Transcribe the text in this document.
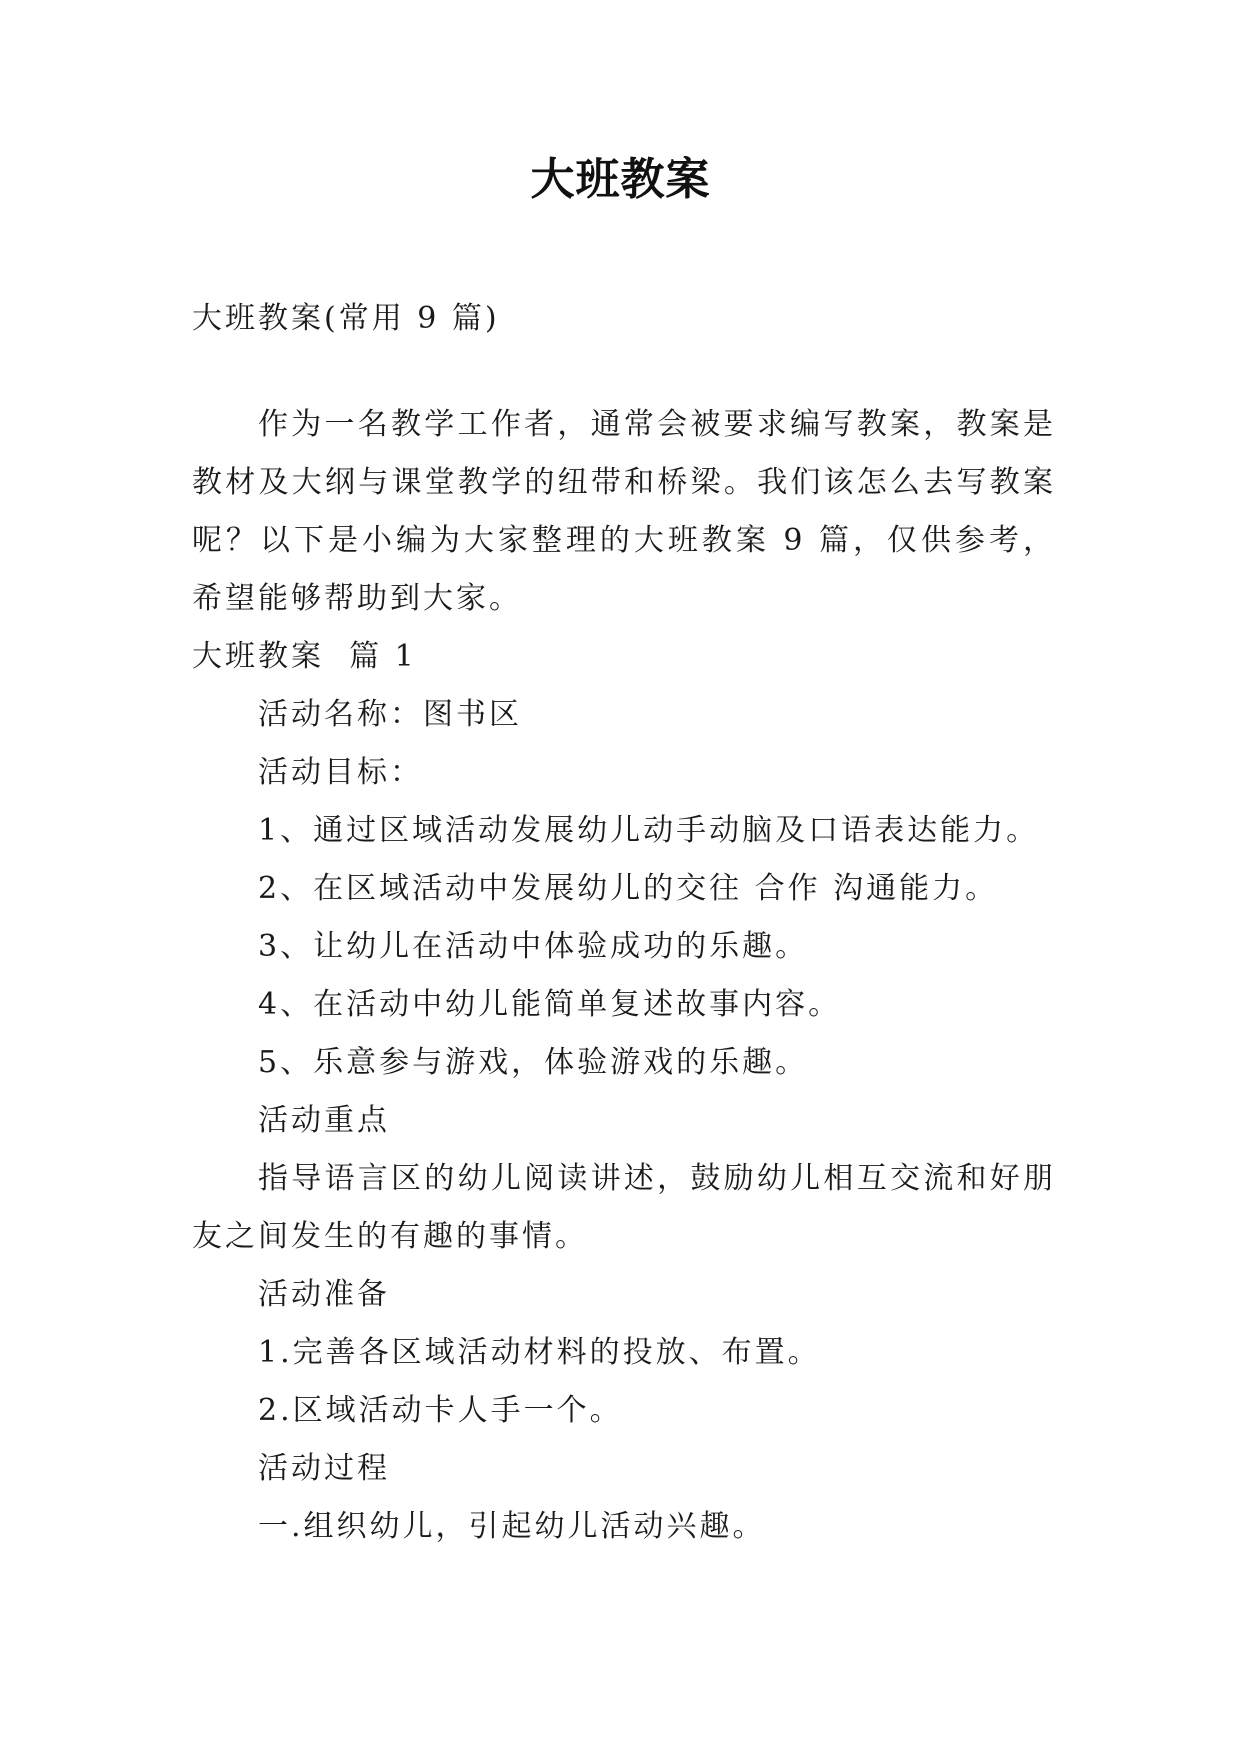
大班教案

大班教案(常用 9 篇)

作为一名教学工作者，通常会被要求编写教案，教案是教材及大纲与课堂教学的纽带和桥梁。我们该怎么去写教案呢？以下是小编为大家整理的大班教案 9 篇，仅供参考，希望能够帮助到大家。

大班教案  篇 1

活动名称：图书区

活动目标：

1、通过区域活动发展幼儿动手动脑及口语表达能力。

2、在区域活动中发展幼儿的交往 合作 沟通能力。

3、让幼儿在活动中体验成功的乐趣。

4、在活动中幼儿能简单复述故事内容。

5、乐意参与游戏，体验游戏的乐趣。

活动重点

指导语言区的幼儿阅读讲述，鼓励幼儿相互交流和好朋友之间发生的有趣的事情。

活动准备

1.完善各区域活动材料的投放、布置。

2.区域活动卡人手一个。

活动过程

一.组织幼儿，引起幼儿活动兴趣。
